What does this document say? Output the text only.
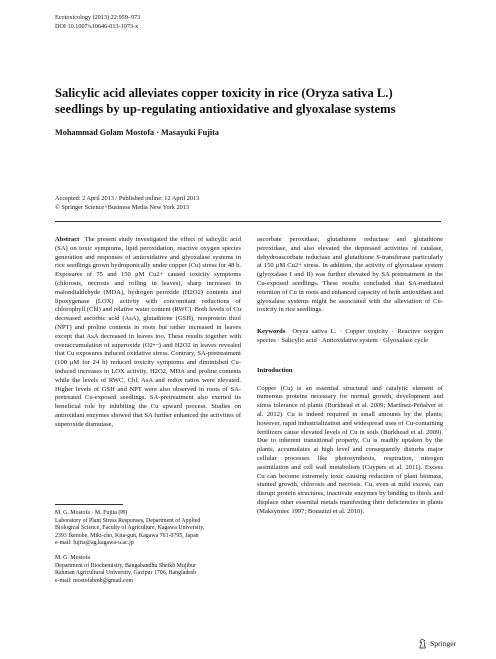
Ecotoxicology (2013) 22:959–973
DOI 10.1007/s10646-013-1073-x
Salicylic acid alleviates copper toxicity in rice (Oryza sativa L.)
seedlings by up-regulating antioxidative and glyoxalase systems
Mohammad Golam Mostofa · Masayuki Fujita
Accepted: 2 April 2013 / Published online: 12 April 2013
© Springer Science+Business Media New York 2013

Abstract The present study investigated the effect of salicylic acid (SA) on toxic symptoms, lipid peroxidation, reactive oxygen species generation and responses of antioxidative and glyoxalase systems in rice seedlings grown hydroponically under copper (Cu) stress for 48 h. Exposures of 75 and 150 μM Cu2+ caused toxicity symptoms (chlorosis, necrosis and rolling in leaves), sharp increases in malondialdehyde (MDA), hydrogen peroxide (H2O2) contents and lipoxygenase (LOX) activity with concomitant reductions of chlorophyll (Chl) and relative water content (RWC). Both levels of Cu decreased ascorbic acid (AsA), glutathione (GSH), nonprotein thiol (NPT) and proline contents in roots but rather increased in leaves except that AsA decreased in leaves too. These results together with overaccumulation of superoxide (O2•−) and H2O2 in leaves revealed that Cu exposures induced oxidative stress. Contrary, SA-pretreatment (100 μM for 24 h) reduced toxicity symptoms and diminished Cu-induced increases in LOX activity, H2O2, MDA and proline contents while the levels of RWC, Chl, AsA and redox ratios were elevated. Higher levels of GSH and NPT were also observed in roots of SA-pretreated Cu-exposed seedlings. SA-pretreatment also exerted its beneficial role by inhibiting the Cu upward process. Studies on antioxidant enzymes showed that SA further enhanced the activities of superoxide dismutase,

ascorbate peroxidase, glutathione reductase and glutathione peroxidase, and also elevated the depressed activities of catalase, dehydroascorbate reductase and glutathione S-transferase particularly at 150 μM Cu2+ stress. In addition, the activity of glyoxalase system (glyoxalase I and II) was further elevated by SA pretreatment in the Cu-exposed seedlings. These results concluded that SA-mediated retention of Cu in roots and enhanced capacity of both antioxidant and glyoxalase systems might be associated with the alleviation of Cu-toxicity in rice seedlings.

Keywords Oryza sativa L. · Copper toxicity · Reactive oxygen species · Salicylic acid · Antioxidative system · Glyoxalase cycle
Introduction

Copper (Cu) is an essential structural and catalytic element of numerous proteins necessary for normal growth, development and stress tolerance of plants (Burkhead et al. 2009; Martínez-Peñalver et al. 2012). Cu is indeed required in small amounts by the plants; however, rapid industrialization and widespread uses of Cu-containing fertilizers cause elevated levels of Cu in soils (Burkhead et al. 2009). Due to inherent transitional property, Cu is readily uptaken by the plants, accumulates at high level and consequently disturbs major cellular processes like photosynthesis, respiration, nitrogen assimilation and cell wall metabolism (Cuypers et al. 2011). Excess Cu can become extremely toxic causing reduction of plant biomass, stunted growth, chlorosis and necrosis. Cu, even at mild excess, can disrupt protein structures, inactivate enzymes by binding to thiols and displace other essential metals manifesting their deficiencies in plants (Maksymiec 1997; Bouazizi et al. 2010).

M. G. Mostofa · M. Fujita (✉)
Laboratory of Plant Stress Responses, Department of Applied
Biological Science, Faculty of Agriculture, Kagawa University,
2393 Ikenobe, Miki-cho, Kita-gun, Kagawa 761-0795, Japan
e-mail: fujita@ag.kagawa-u.ac.jp
M. G. Mostofa
Department of Biochemistry, Bangabandhu Sheikh Mujibur
Rahman Agricultural University, Gazipur 1706, Bangladesh
e-mail: mostofabmb@gmail.com
Springer
